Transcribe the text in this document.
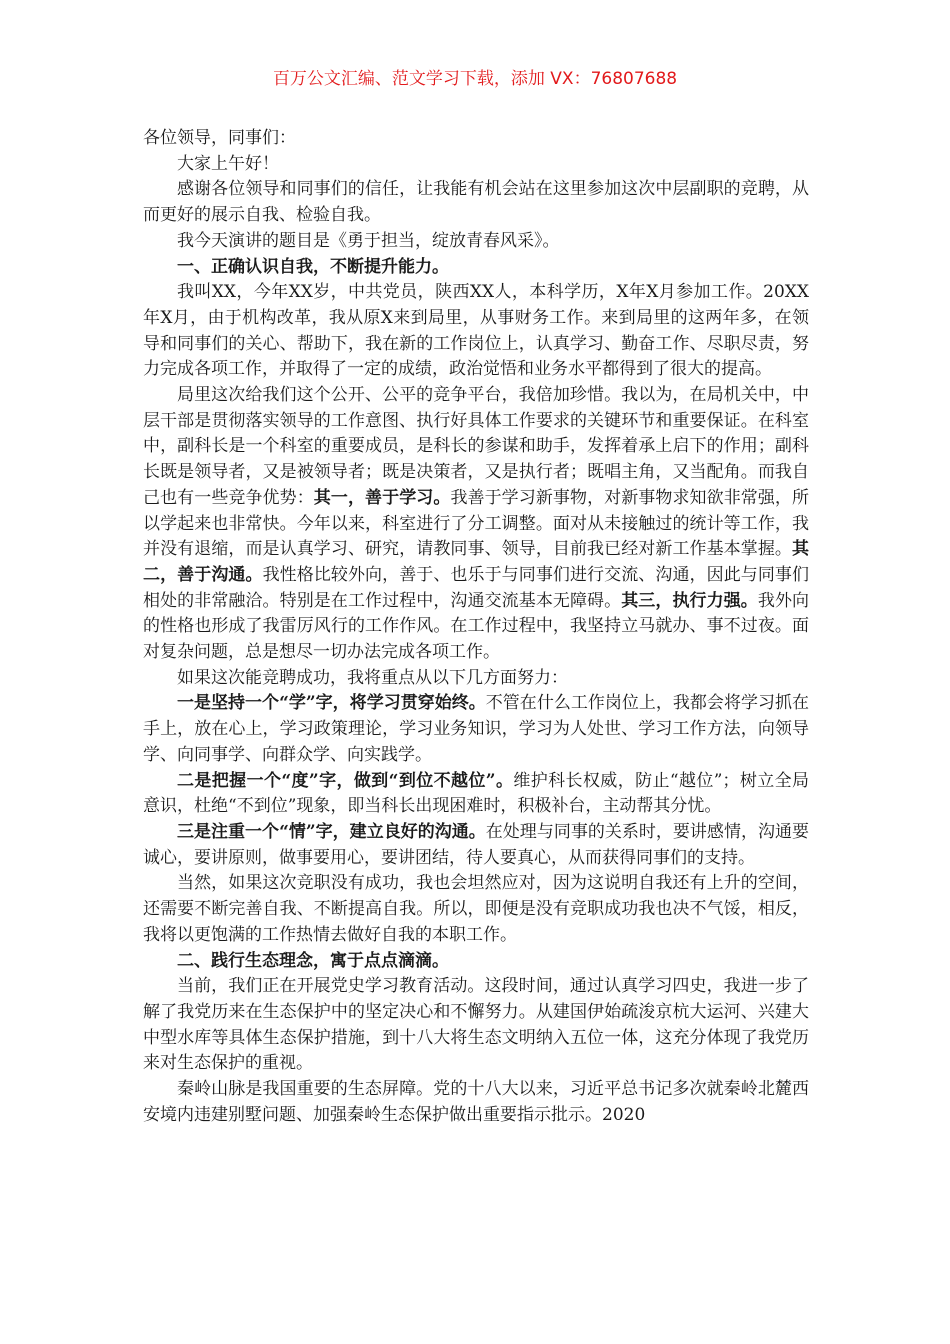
百万公文汇编、范文学习下载，添加 VX：76807688

各位领导，同事们：

大家上午好！

感谢各位领导和同事们的信任，让我能有机会站在这里参加这次中层副职的竞聘，从而更好的展示自我、检验自我。

我今天演讲的题目是《勇于担当，绽放青春风采》。

一、正确认识自我，不断提升能力。

我叫XX，今年XX岁，中共党员，陕西XX人，本科学历，X年X月参加工作。20XX年X月，由于机构改革，我从原X来到局里，从事财务工作。来到局里的这两年多，在领导和同事们的关心、帮助下，我在新的工作岗位上，认真学习、勤奋工作、尽职尽责，努力完成各项工作，并取得了一定的成绩，政治觉悟和业务水平都得到了很大的提高。

局里这次给我们这个公开、公平的竞争平台，我倍加珍惜。我以为，在局机关中，中层干部是贯彻落实领导的工作意图、执行好具体工作要求的关键环节和重要保证。在科室中，副科长是一个科室的重要成员，是科长的参谋和助手，发挥着承上启下的作用；副科长既是领导者，又是被领导者；既是决策者，又是执行者；既唱主角，又当配角。而我自己也有一些竞争优势：其一，善于学习。我善于学习新事物，对新事物求知欲非常强，所以学起来也非常快。今年以来，科室进行了分工调整。面对从未接触过的统计等工作，我并没有退缩，而是认真学习、研究，请教同事、领导，目前我已经对新工作基本掌握。其二，善于沟通。我性格比较外向，善于、也乐于与同事们进行交流、沟通，因此与同事们相处的非常融洽。特别是在工作过程中，沟通交流基本无障碍。其三，执行力强。我外向的性格也形成了我雷厉风行的工作作风。在工作过程中，我坚持立马就办、事不过夜。面对复杂问题，总是想尽一切办法完成各项工作。

如果这次能竞聘成功，我将重点从以下几方面努力：

一是坚持一个“学”字，将学习贯穿始终。不管在什么工作岗位上，我都会将学习抓在手上，放在心上，学习政策理论，学习业务知识，学习为人处世、学习工作方法，向领导学、向同事学、向群众学、向实践学。

二是把握一个“度”字，做到“到位不越位”。维护科长权威，防止“越位”；树立全局意识，杜绝“不到位”现象，即当科长出现困难时，积极补台，主动帮其分忧。

三是注重一个“情”字，建立良好的沟通。在处理与同事的关系时，要讲感情，沟通要诚心，要讲原则，做事要用心，要讲团结，待人要真心，从而获得同事们的支持。

当然，如果这次竞职没有成功，我也会坦然应对，因为这说明自我还有上升的空间，还需要不断完善自我、不断提高自我。所以，即便是没有竞职成功我也决不气馁，相反，我将以更饱满的工作热情去做好自我的本职工作。

二、践行生态理念，寓于点点滴滴。

当前，我们正在开展党史学习教育活动。这段时间，通过认真学习四史，我进一步了解了我党历来在生态保护中的坚定决心和不懈努力。从建国伊始疏浚京杭大运河、兴建大中型水库等具体生态保护措施，到十八大将生态文明纳入五位一体，这充分体现了我党历来对生态保护的重视。

秦岭山脉是我国重要的生态屏障。党的十八大以来，习近平总书记多次就秦岭北麓西安境内违建别墅问题、加强秦岭生态保护做出重要指示批示。2020
